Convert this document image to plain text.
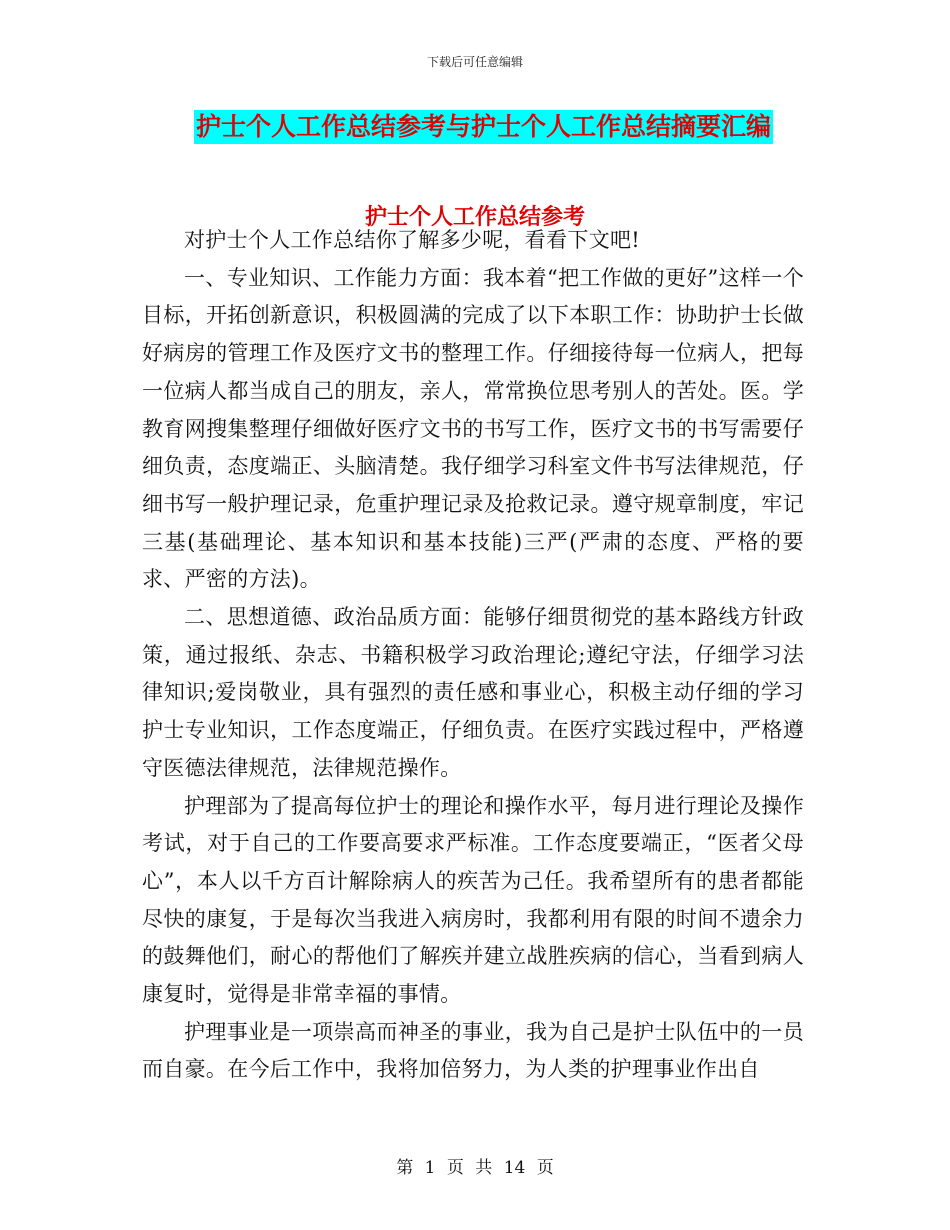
下载后可任意编辑
护士个人工作总结参考与护士个人工作总结摘要汇编
护士个人工作总结参考

对护士个人工作总结你了解多少呢，看看下文吧!

一、专业知识、工作能力方面：我本着“把工作做的更好”这样一个目标，开拓创新意识，积极圆满的完成了以下本职工作：协助护士长做好病房的管理工作及医疗文书的整理工作。仔细接待每一位病人，把每一位病人都当成自己的朋友，亲人，常常换位思考别人的苦处。医。学教育网搜集整理仔细做好医疗文书的书写工作，医疗文书的书写需要仔细负责，态度端正、头脑清楚。我仔细学习科室文件书写法律规范，仔细书写一般护理记录，危重护理记录及抢救记录。遵守规章制度，牢记三基(基础理论、基本知识和基本技能)三严(严肃的态度、严格的要求、严密的方法)。

二、思想道德、政治品质方面：能够仔细贯彻党的基本路线方针政策，通过报纸、杂志、书籍积极学习政治理论;遵纪守法，仔细学习法律知识;爱岗敬业，具有强烈的责任感和事业心，积极主动仔细的学习护士专业知识，工作态度端正，仔细负责。在医疗实践过程中，严格遵守医德法律规范，法律规范操作。

护理部为了提高每位护士的理论和操作水平，每月进行理论及操作考试，对于自己的工作要高要求严标准。工作态度要端正，“医者父母心”，本人以千方百计解除病人的疾苦为己任。我希望所有的患者都能尽快的康复，于是每次当我进入病房时，我都利用有限的时间不遗余力的鼓舞他们，耐心的帮他们了解疾并建立战胜疾病的信心，当看到病人康复时，觉得是非常幸福的事情。

护理事业是一项崇高而神圣的事业，我为自己是护士队伍中的一员而自豪。在今后工作中，我将加倍努力，为人类的护理事业作出自

第 1 页 共 14 页
